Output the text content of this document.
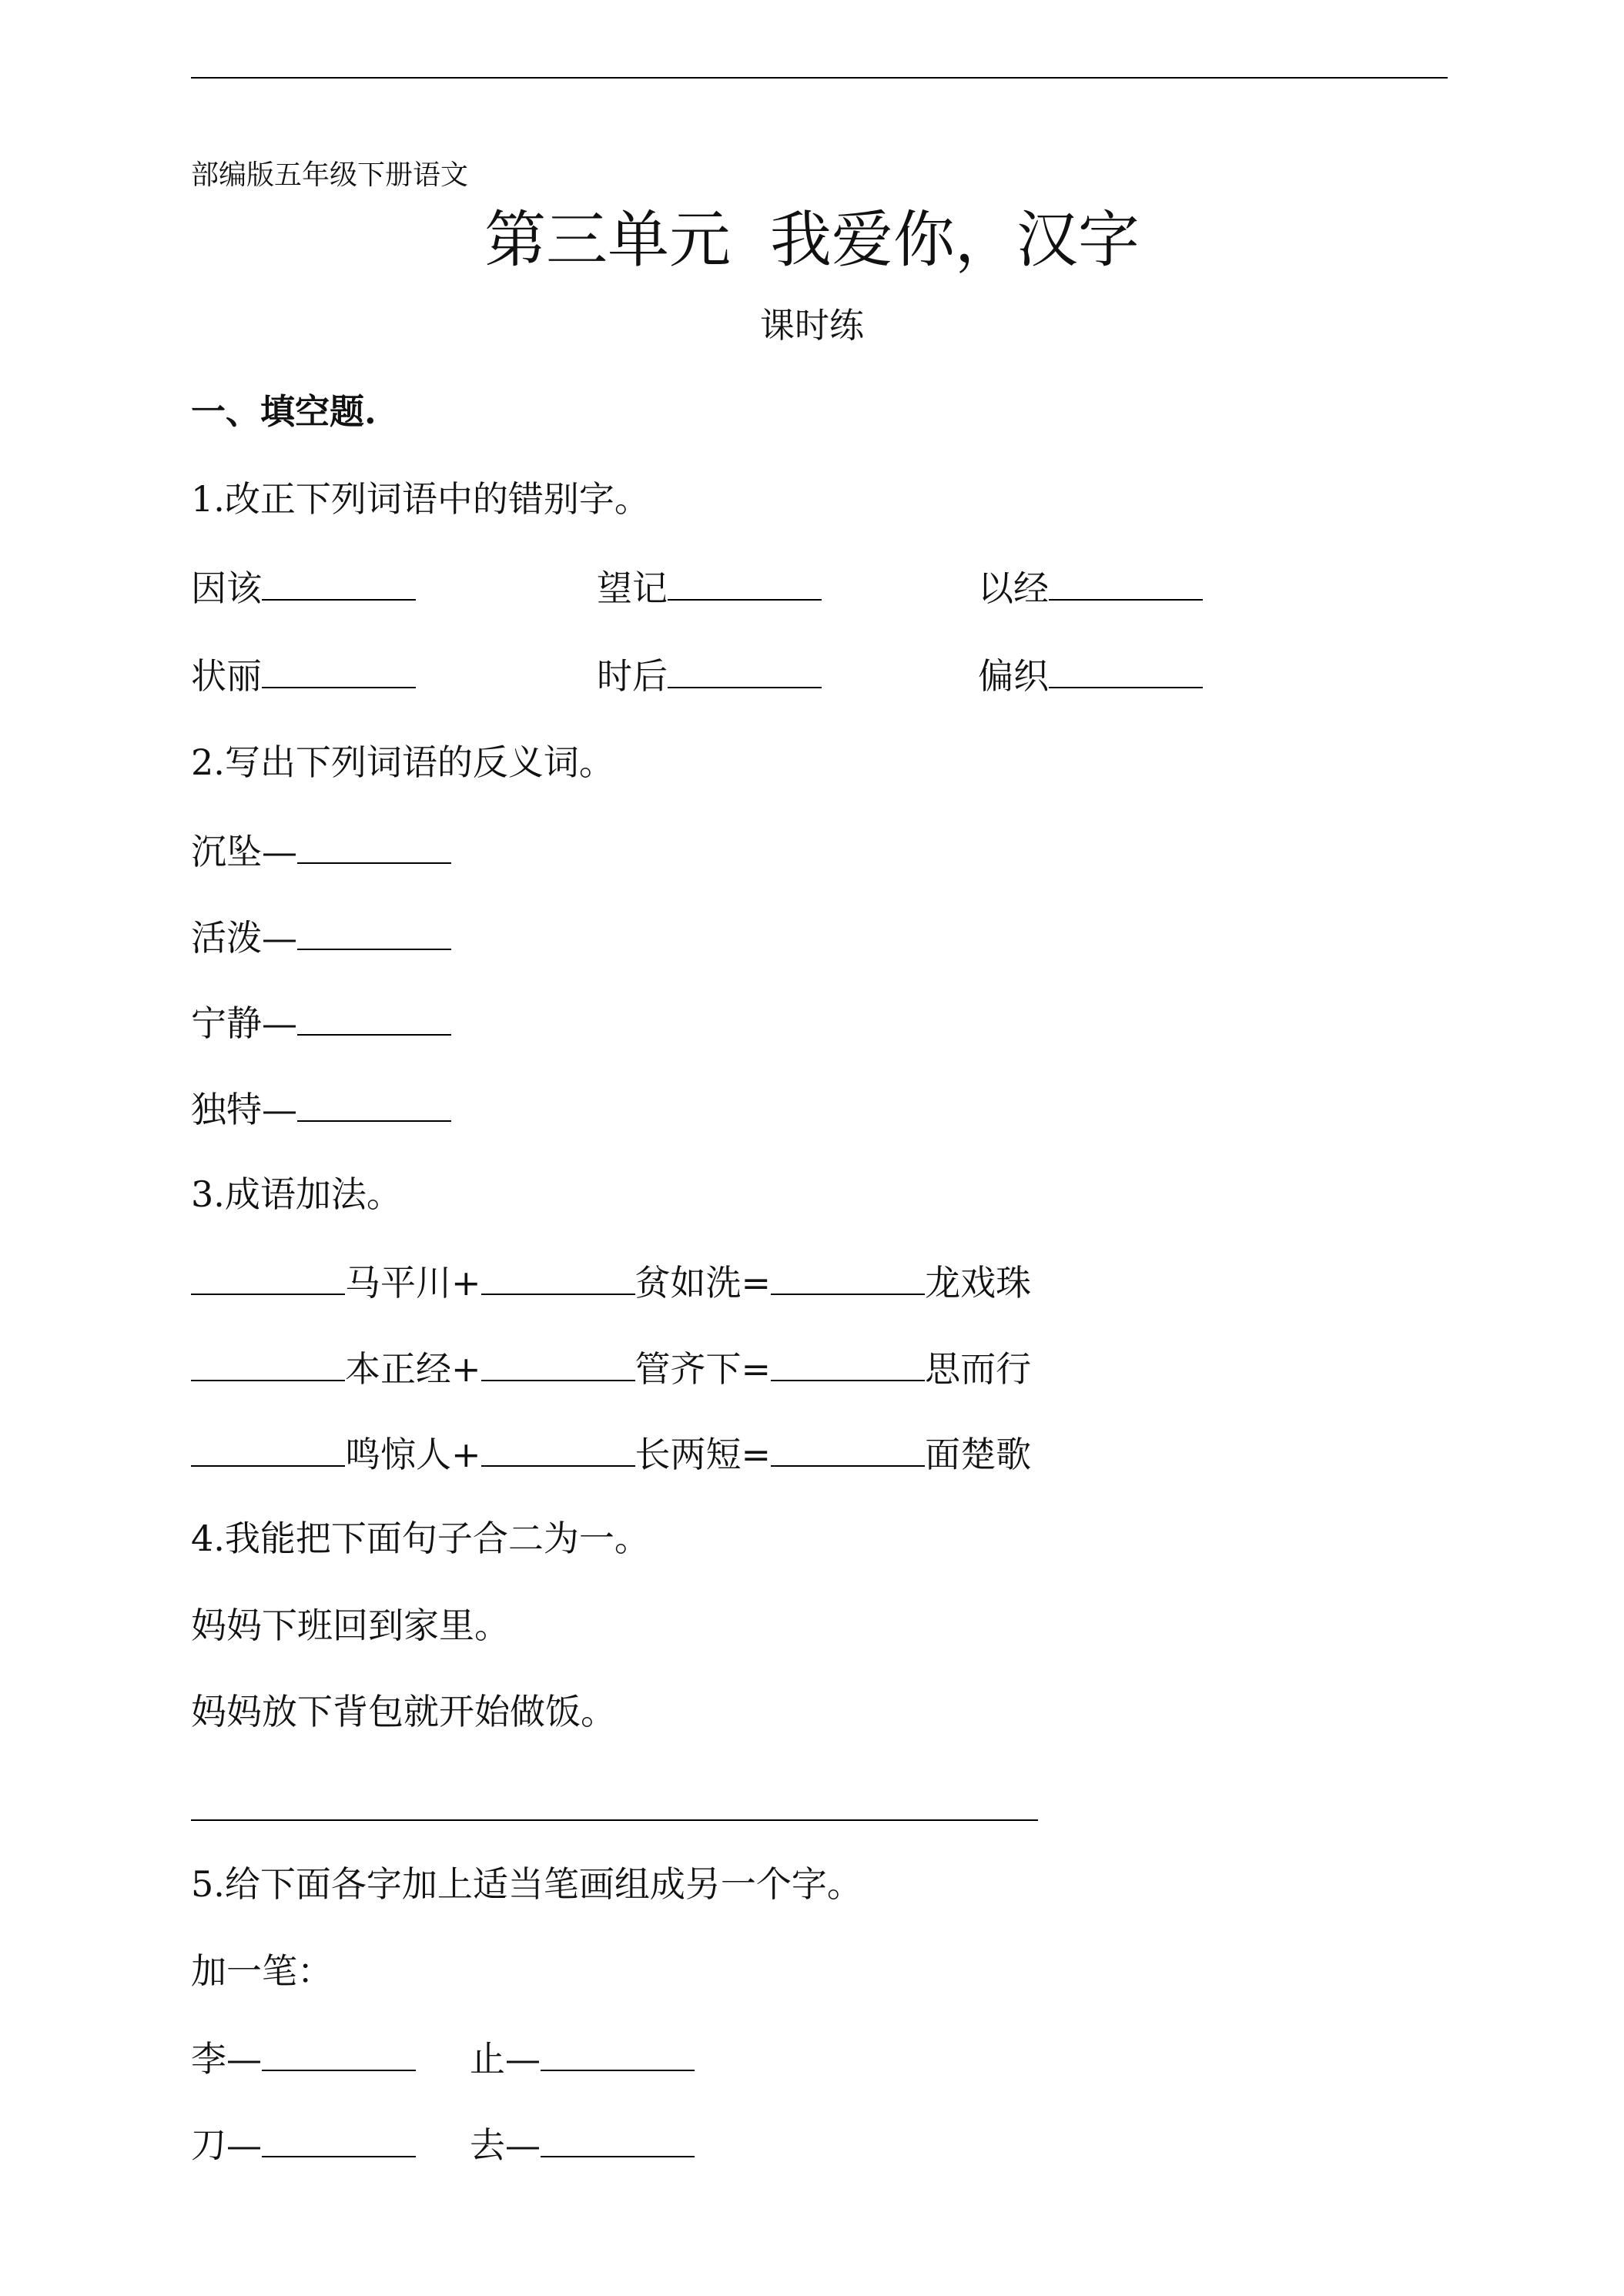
部编版五年级下册语文
第三单元  我爱你，汉字
课时练
一、填空题.
1.改正下列词语中的错别字。
因该	望记	以经
状丽	时后	偏织
2.写出下列词语的反义词。
沉坠—
活泼—
宁静—
独特—
3.成语加法。
马平川+	贫如洗=	龙戏珠
本正经+	管齐下=	思而行
鸣惊人+	长两短=	面楚歌
4.我能把下面句子合二为一。
妈妈下班回到家里。
妈妈放下背包就开始做饭。
5.给下面各字加上适当笔画组成另一个字。
加一笔：
李—	止—
刀—	去—
